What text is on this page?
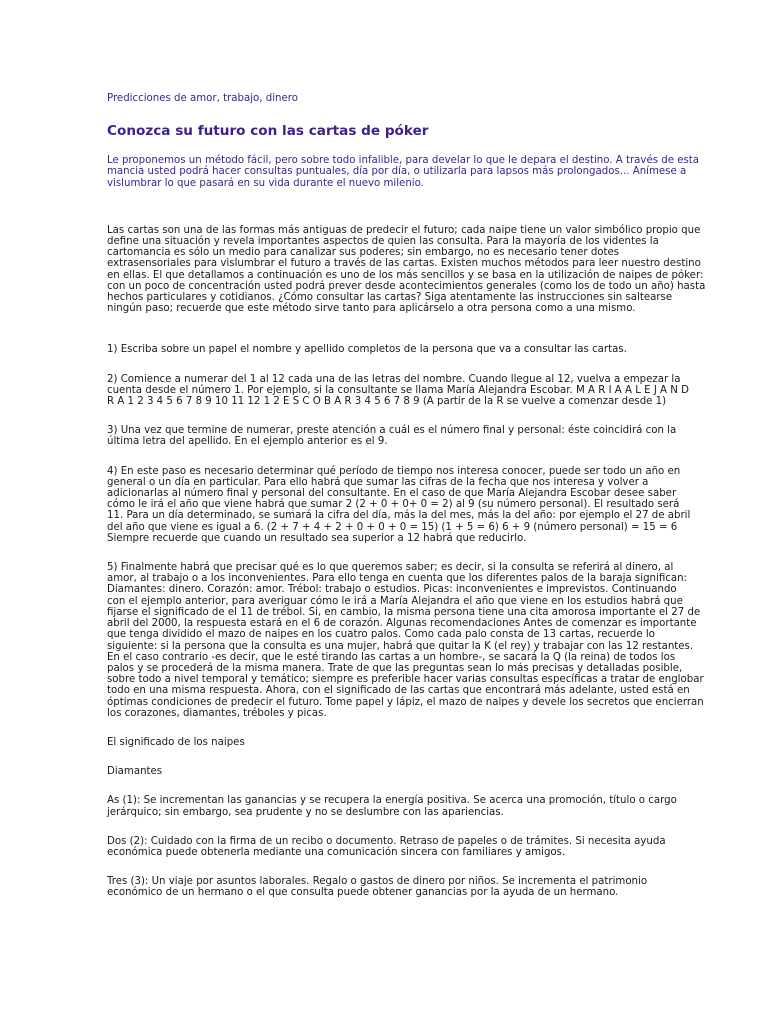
Predicciones de amor, trabajo, dinero
Conozca su futuro con las cartas de póker

Le proponemos un método fácil, pero sobre todo infalible, para develar lo que le depara el destino. A través de esta
mancia usted podrá hacer consultas puntuales, día por día, o utilizarla para lapsos más prolongados... Anímese a
vislumbrar lo que pasará en su vida durante el nuevo milenio.

Las cartas son una de las formas más antiguas de predecir el futuro; cada naipe tiene un valor simbólico propio que
define una situación y revela importantes aspectos de quien las consulta. Para la mayoría de los videntes la
cartomancia es sólo un medio para canalizar sus poderes; sin embargo, no es necesario tener dotes
extrasensoriales para vislumbrar el futuro a través de las cartas. Existen muchos métodos para leer nuestro destino
en ellas. El que detallamos a continuación es uno de los más sencillos y se basa en la utilización de naipes de póker:
con un poco de concentración usted podrá prever desde acontecimientos generales (como los de todo un año) hasta
hechos particulares y cotidianos. ¿Cómo consultar las cartas? Siga atentamente las instrucciones sin saltearse
ningún paso; recuerde que este método sirve tanto para aplicárselo a otra persona como a una mismo.

1) Escriba sobre un papel el nombre y apellido completos de la persona que va a consultar las cartas.

2) Comience a numerar del 1 al 12 cada una de las letras del nombre. Cuando llegue al 12, vuelva a empezar la
cuenta desde el número 1. Por ejemplo, si la consultante se llama María Alejandra Escobar. M A R I A A L E J A N D
R A 1 2 3 4 5 6 7 8 9 10 11 12 1 2 E S C O B A R 3 4 5 6 7 8 9 (A partir de la R se vuelve a comenzar desde 1)

3) Una vez que termine de numerar, preste atención a cuál es el número final y personal: éste coincidirá con la
última letra del apellido. En el ejemplo anterior es el 9.

4) En este paso es necesario determinar qué período de tiempo nos interesa conocer, puede ser todo un año en
general o un día en particular. Para ello habrá que sumar las cifras de la fecha que nos interesa y volver a
adicionarlas al número final y personal del consultante. En el caso de que María Alejandra Escobar desee saber
cómo le irá el año que viene habrá que sumar 2 (2 + 0 + 0+ 0 = 2) al 9 (su número personal). El resultado será
11. Para un día determinado, se sumará la cifra del día, más la del mes, más la del año: por ejemplo el 27 de abril
del año que viene es igual a 6. (2 + 7 + 4 + 2 + 0 + 0 + 0 = 15) (1 + 5 = 6) 6 + 9 (número personal) = 15 = 6
Siempre recuerde que cuando un resultado sea superior a 12 habrá que reducirlo.

5) Finalmente habrá que precisar qué es lo que queremos saber; es decir, si la consulta se referirá al dinero, al
amor, al trabajo o a los inconvenientes. Para ello tenga en cuenta que los diferentes palos de la baraja significan:
Diamantes: dinero. Corazón: amor. Trébol: trabajo o estudios. Picas: inconvenientes e imprevistos. Continuando
con el ejemplo anterior, para averiguar cómo le irá a María Alejandra el año que viene en los estudios habrá que
fijarse el significado de el 11 de trébol. Si, en cambio, la misma persona tiene una cita amorosa importante el 27 de
abril del 2000, la respuesta estará en el 6 de corazón. Algunas recomendaciones Antes de comenzar es importante
que tenga dividido el mazo de naipes en los cuatro palos. Como cada palo consta de 13 cartas, recuerde lo
siguiente: si la persona que la consulta es una mujer, habrá que quitar la K (el rey) y trabajar con las 12 restantes.
En el caso contrario -es decir, que le esté tirando las cartas a un hombre-, se sacará la Q (la reina) de todos los
palos y se procederá de la misma manera. Trate de que las preguntas sean lo más precisas y detalladas posible,
sobre todo a nivel temporal y temático; siempre es preferible hacer varias consultas específicas a tratar de englobar
todo en una misma respuesta. Ahora, con el significado de las cartas que encontrará más adelante, usted está en
óptimas condiciones de predecir el futuro. Tome papel y lápiz, el mazo de naipes y devele los secretos que encierran
los corazones, diamantes, tréboles y picas.

El significado de los naipes

Diamantes

As (1): Se incrementan las ganancias y se recupera la energía positiva. Se acerca una promoción, título o cargo
jerárquico; sin embargo, sea prudente y no se deslumbre con las apariencias.

Dos (2): Cuidado con la firma de un recibo o documento. Retraso de papeles o de trámites. Si necesita ayuda
económica puede obtenerla mediante una comunicación sincera con familiares y amigos.

Tres (3): Un viaje por asuntos laborales. Regalo o gastos de dinero por niños. Se incrementa el patrimonio
económico de un hermano o el que consulta puede obtener ganancias por la ayuda de un hermano.
